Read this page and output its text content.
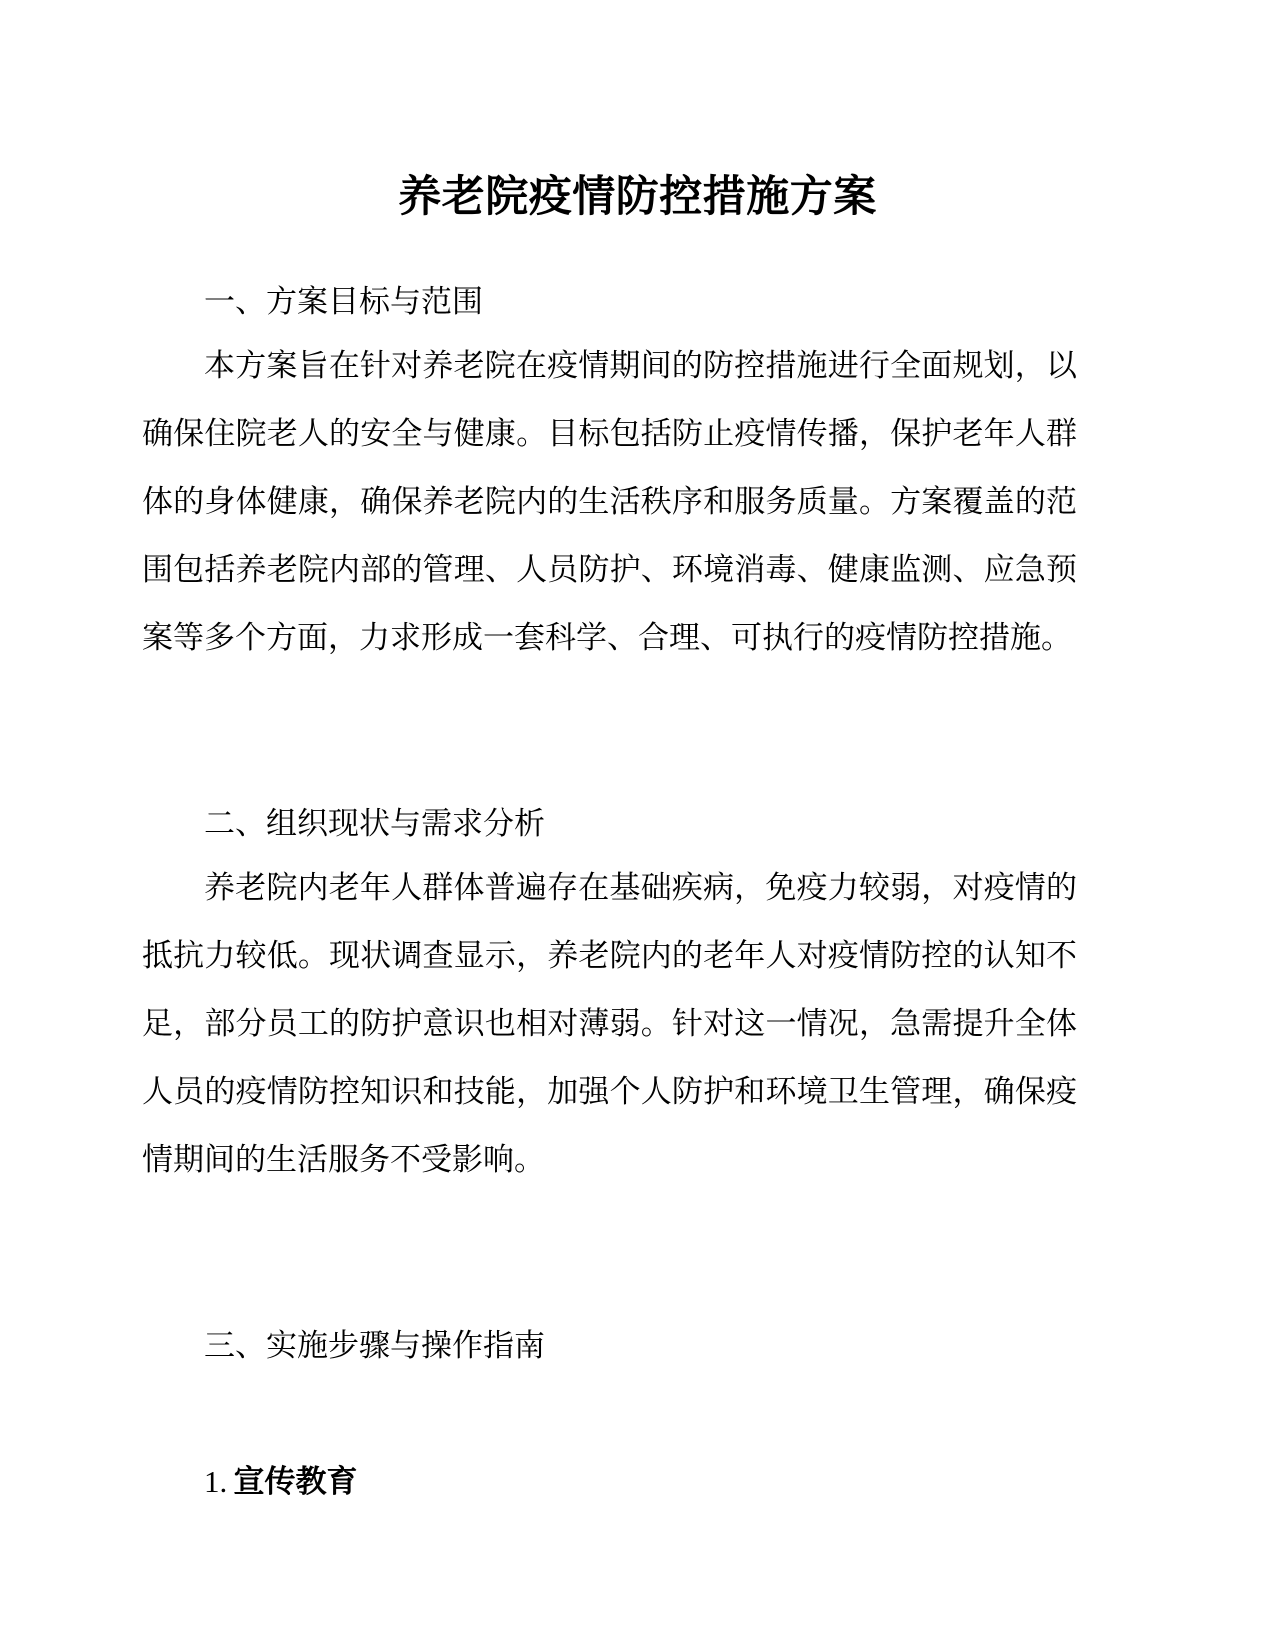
养老院疫情防控措施方案

一、方案目标与范围

本方案旨在针对养老院在疫情期间的防控措施进行全面规划，以确保住院老人的安全与健康。目标包括防止疫情传播，保护老年人群体的身体健康，确保养老院内的生活秩序和服务质量。方案覆盖的范围包括养老院内部的管理、人员防护、环境消毒、健康监测、应急预案等多个方面，力求形成一套科学、合理、可执行的疫情防控措施。

二、组织现状与需求分析

养老院内老年人群体普遍存在基础疾病，免疫力较弱，对疫情的抵抗力较低。现状调查显示，养老院内的老年人对疫情防控的认知不足，部分员工的防护意识也相对薄弱。针对这一情况，急需提升全体人员的疫情防控知识和技能，加强个人防护和环境卫生管理，确保疫情期间的生活服务不受影响。

三、实施步骤与操作指南

1. 宣传教育
